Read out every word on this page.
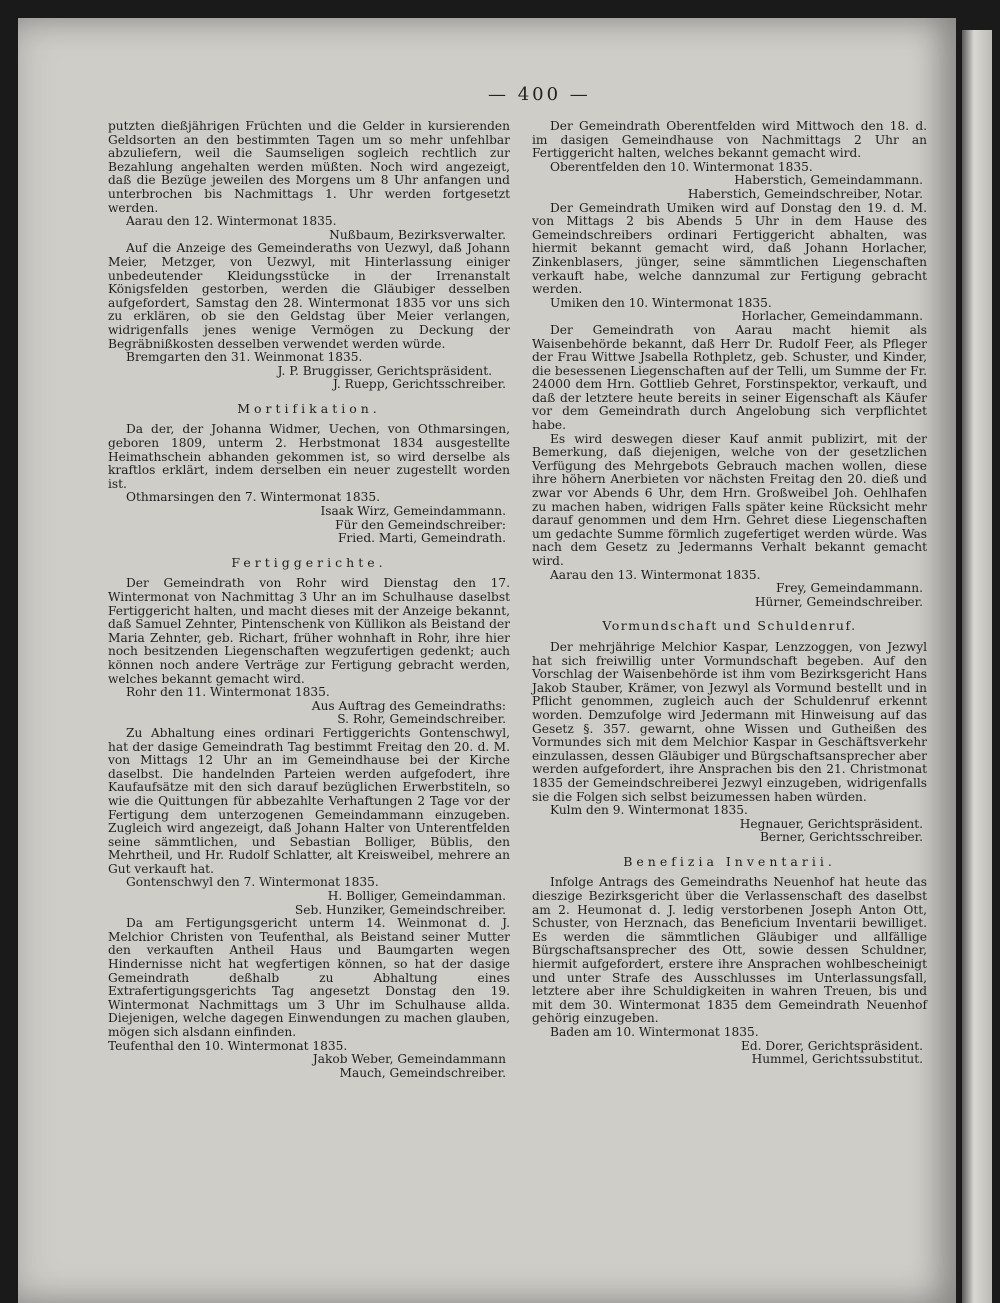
— 400 —

putzten dießjährigen Früchten und die Gelder in kursierenden Geldsorten an den bestimmten Tagen um so mehr unfehlbar abzuliefern, weil die Saumseligen sogleich rechtlich zur Bezahlung angehalten werden müßten. Noch wird angezeigt, daß die Bezüge jeweilen des Morgens um 8 Uhr anfangen und unterbrochen bis Nachmittags 1. Uhr werden fortgesetzt werden.

Aarau den 12. Wintermonat 1835.

Nußbaum, Bezirksverwalter.

Auf die Anzeige des Gemeinderaths von Uezwyl, daß Johann Meier, Metzger, von Uezwyl, mit Hinterlassung einiger unbedeutender Kleidungsstücke in der Irrenanstalt Königsfelden gestorben, werden die Gläubiger desselben aufgefordert, Samstag den 28. Wintermonat 1835 vor uns sich zu erklären, ob sie den Geldstag über Meier verlangen, widrigenfalls jenes wenige Vermögen zu Deckung der Begräbnißkosten desselben verwendet werden würde.

Bremgarten den 31. Weinmonat 1835.

J. P. Bruggisser, Gerichtspräsident.

J. Ruepp, Gerichtsschreiber.

Mortifikation.

Da der, der Johanna Widmer, Uechen, von Othmarsingen, geboren 1809, unterm 2. Herbstmonat 1834 ausgestellte Heimathschein abhanden gekommen ist, so wird derselbe als kraftlos erklärt, indem derselben ein neuer zugestellt worden ist.

Othmarsingen den 7. Wintermonat 1835.

Isaak Wirz, Gemeindammann.

Für den Gemeindschreiber:

Fried. Marti, Gemeindrath.

Fertiggerichte.

Der Gemeindrath von Rohr wird Dienstag den 17. Wintermonat von Nachmittag 3 Uhr an im Schulhause daselbst Fertiggericht halten, und macht dieses mit der Anzeige bekannt, daß Samuel Zehnter, Pintenschenk von Küllikon als Beistand der Maria Zehnter, geb. Richart, früher wohnhaft in Rohr, ihre hier noch besitzenden Liegenschaften wegzufertigen gedenkt; auch können noch andere Verträge zur Fertigung gebracht werden, welches bekannt gemacht wird.

Rohr den 11. Wintermonat 1835.

Aus Auftrag des Gemeindraths:

S. Rohr, Gemeindschreiber.

Zu Abhaltung eines ordinari Fertiggerichts Gontenschwyl, hat der dasige Gemeindrath Tag bestimmt Freitag den 20. d. M. von Mittags 12 Uhr an im Gemeindhause bei der Kirche daselbst. Die handelnden Parteien werden aufgefodert, ihre Kaufaufsätze mit den sich darauf bezüglichen Erwerbstiteln, so wie die Quittungen für abbezahlte Verhaftungen 2 Tage vor der Fertigung dem unterzogenen Gemeindammann einzugeben. Zugleich wird angezeigt, daß Johann Halter von Unterentfelden seine sämmtlichen, und Sebastian Bolliger, Büblis, den Mehrtheil, und Hr. Rudolf Schlatter, alt Kreisweibel, mehrere an Gut verkauft hat.

Gontenschwyl den 7. Wintermonat 1835.

H. Bolliger, Gemeindamman.

Seb. Hunziker, Gemeindschreiber.

Da am Fertigungsgericht unterm 14. Weinmonat d. J. Melchior Christen von Teufenthal, als Beistand seiner Mutter den verkauften Antheil Haus und Baumgarten wegen Hindernisse nicht hat wegfertigen können, so hat der dasige Gemeindrath deßhalb zu Abhaltung eines Extrafertigungsgerichts Tag angesetzt Donstag den 19. Wintermonat Nachmittags um 3 Uhr im Schulhause allda. Diejenigen, welche dagegen Einwendungen zu machen glauben, mögen sich alsdann einfinden.

Teufenthal den 10. Wintermonat 1835.

Jakob Weber, Gemeindammann

Mauch, Gemeindschreiber.

Der Gemeindrath Oberentfelden wird Mittwoch den 18. d. im dasigen Gemeindhause von Nachmittags 2 Uhr an Fertiggericht halten, welches bekannt gemacht wird.

Oberentfelden den 10. Wintermonat 1835.

Haberstich, Gemeindammann.

Haberstich, Gemeindschreiber, Notar.

Der Gemeindrath Umiken wird auf Donstag den 19. d. M. von Mittags 2 bis Abends 5 Uhr in dem Hause des Gemeindschreibers ordinari Fertiggericht abhalten, was hiermit bekannt gemacht wird, daß Johann Horlacher, Zinkenblasers, jünger, seine sämmtlichen Liegenschaften verkauft habe, welche dannzumal zur Fertigung gebracht werden.

Umiken den 10. Wintermonat 1835.

Horlacher, Gemeindammann.

Der Gemeindrath von Aarau macht hiemit als Waisenbehörde bekannt, daß Herr Dr. Rudolf Feer, als Pfleger der Frau Wittwe Jsabella Rothpletz, geb. Schuster, und Kinder, die besessenen Liegenschaften auf der Telli, um Summe der Fr. 24000 dem Hrn. Gottlieb Gehret, Forstinspektor, verkauft, und daß der letztere heute bereits in seiner Eigenschaft als Käufer vor dem Gemeindrath durch Angelobung sich verpflichtet habe.

Es wird deswegen dieser Kauf anmit publizirt, mit der Bemerkung, daß diejenigen, welche von der gesetzlichen Verfügung des Mehrgebots Gebrauch machen wollen, diese ihre höhern Anerbieten vor nächsten Freitag den 20. dieß und zwar vor Abends 6 Uhr, dem Hrn. Großweibel Joh. Oehlhafen zu machen haben, widrigen Falls später keine Rücksicht mehr darauf genommen und dem Hrn. Gehret diese Liegenschaften um gedachte Summe förmlich zugefertiget werden würde. Was nach dem Gesetz zu Jedermanns Verhalt bekannt gemacht wird.

Aarau den 13. Wintermonat 1835.

Frey, Gemeindammann.

Hürner, Gemeindschreiber.

Vormundschaft und Schuldenruf.

Der mehrjährige Melchior Kaspar, Lenzzoggen, von Jezwyl hat sich freiwillig unter Vormundschaft begeben. Auf den Vorschlag der Waisenbehörde ist ihm vom Bezirksgericht Hans Jakob Stauber, Krämer, von Jezwyl als Vormund bestellt und in Pflicht genommen, zugleich auch der Schuldenruf erkennt worden. Demzufolge wird Jedermann mit Hinweisung auf das Gesetz §. 357. gewarnt, ohne Wissen und Gutheißen des Vormundes sich mit dem Melchior Kaspar in Geschäftsverkehr einzulassen, dessen Gläubiger und Bürgschaftsansprecher aber werden aufgefordert, ihre Ansprachen bis den 21. Christmonat 1835 der Gemeindschreiberei Jezwyl einzugeben, widrigenfalls sie die Folgen sich selbst beizumessen haben würden.

Kulm den 9. Wintermonat 1835.

Hegnauer, Gerichtspräsident.

Berner, Gerichtsschreiber.

Benefizia Inventarii.

Infolge Antrags des Gemeindraths Neuenhof hat heute das dieszige Bezirksgericht über die Verlassenschaft des daselbst am 2. Heumonat d. J. ledig verstorbenen Joseph Anton Ott, Schuster, von Herznach, das Beneficium Inventarii bewilliget. Es werden die sämmtlichen Gläubiger und allfällige Bürgschaftsansprecher des Ott, sowie dessen Schuldner, hiermit aufgefordert, erstere ihre Ansprachen wohlbescheinigt und unter Strafe des Ausschlusses im Unterlassungsfall, letztere aber ihre Schuldigkeiten in wahren Treuen, bis und mit dem 30. Wintermonat 1835 dem Gemeindrath Neuenhof gehörig einzugeben.

Baden am 10. Wintermonat 1835.

Ed. Dorer, Gerichtspräsident.

Hummel, Gerichtssubstitut.
